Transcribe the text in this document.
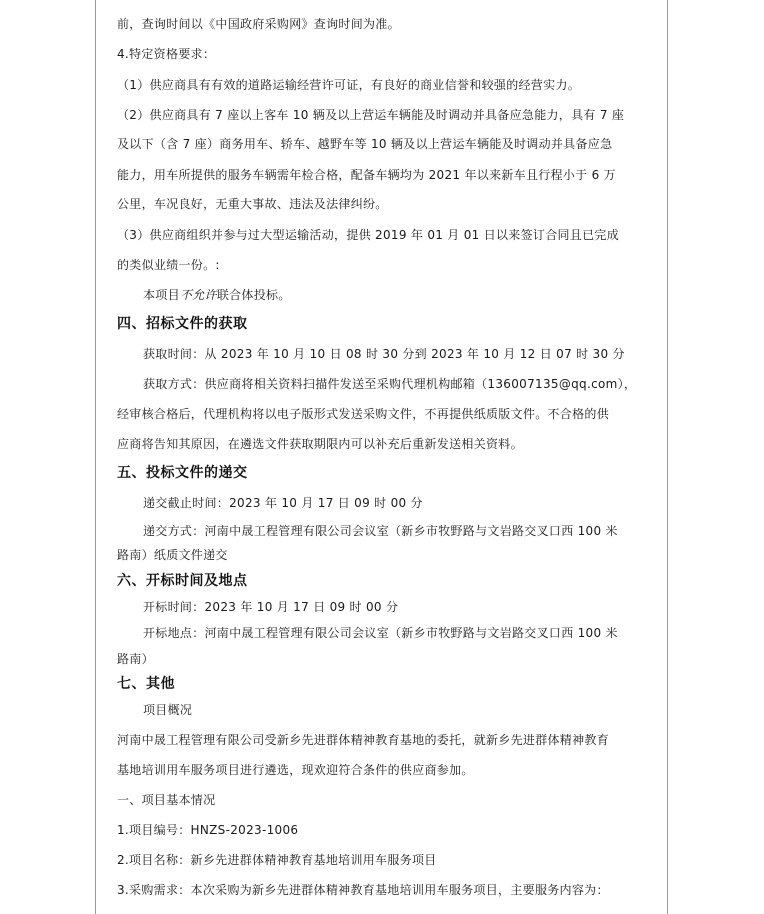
前，查询时间以《中国政府采购网》查询时间为准。
4.特定资格要求：
（1）供应商具有有效的道路运输经营许可证，有良好的商业信誉和较强的经营实力。
（2）供应商具有 7 座以上客车 10 辆及以上营运车辆能及时调动并具备应急能力，具有 7 座
及以下（含 7 座）商务用车、轿车、越野车等 10 辆及以上营运车辆能及时调动并具备应急
能力，用车所提供的服务车辆需年检合格，配备车辆均为 2021 年以来新车且行程小于 6 万
公里，车况良好，无重大事故、违法及法律纠纷。
（3）供应商组织并参与过大型运输活动，提供 2019 年 01 月 01 日以来签订合同且已完成
的类似业绩一份。:
本项目不允许联合体投标。
四、招标文件的获取
获取时间：从 2023 年 10 月 10 日 08 时 30 分到 2023 年 10 月 12 日 07 时 30 分
获取方式：供应商将相关资料扫描件发送至采购代理机构邮箱（136007135@qq.com），
经审核合格后，代理机构将以电子版形式发送采购文件，不再提供纸质版文件。不合格的供
应商将告知其原因，在遴选文件获取期限内可以补充后重新发送相关资料。
五、投标文件的递交
递交截止时间：2023 年 10 月 17 日 09 时 00 分
递交方式：河南中晟工程管理有限公司会议室（新乡市牧野路与文岩路交叉口西 100 米
路南）纸质文件递交
六、开标时间及地点
开标时间：2023 年 10 月 17 日 09 时 00 分
开标地点：河南中晟工程管理有限公司会议室（新乡市牧野路与文岩路交叉口西 100 米
路南）
七、其他
项目概况
河南中晟工程管理有限公司受新乡先进群体精神教育基地的委托，就新乡先进群体精神教育
基地培训用车服务项目进行遴选，现欢迎符合条件的供应商参加。
一、项目基本情况
1.项目编号：HNZS-2023-1006
2.项目名称：新乡先进群体精神教育基地培训用车服务项目
3.采购需求：本次采购为新乡先进群体精神教育基地培训用车服务项目，主要服务内容为：
